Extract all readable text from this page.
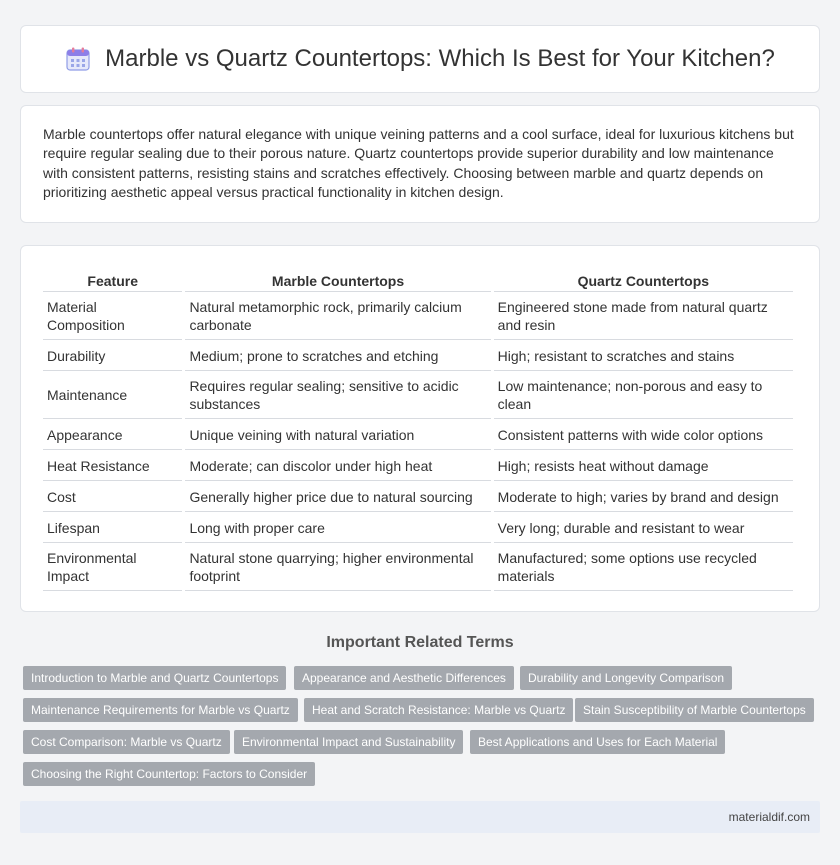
Marble vs Quartz Countertops: Which Is Best for Your Kitchen?

Marble countertops offer natural elegance with unique veining patterns and a cool surface, ideal for luxurious kitchens but require regular sealing due to their porous nature. Quartz countertops provide superior durability and low maintenance with consistent patterns, resisting stains and scratches effectively. Choosing between marble and quartz depends on prioritizing aesthetic appeal versus practical functionality in kitchen design.

Feature	Marble Countertops	Quartz Countertops
Material Composition	Natural metamorphic rock, primarily calcium carbonate	Engineered stone made from natural quartz and resin
Durability	Medium; prone to scratches and etching	High; resistant to scratches and stains
Maintenance	Requires regular sealing; sensitive to acidic substances	Low maintenance; non-porous and easy to clean
Appearance	Unique veining with natural variation	Consistent patterns with wide color options
Heat Resistance	Moderate; can discolor under high heat	High; resists heat without damage
Cost	Generally higher price due to natural sourcing	Moderate to high; varies by brand and design
Lifespan	Long with proper care	Very long; durable and resistant to wear
Environmental Impact	Natural stone quarrying; higher environmental footprint	Manufactured; some options use recycled materials
Important Related Terms
Introduction to Marble and Quartz Countertops	Appearance and Aesthetic Differences	Durability and Longevity Comparison
Maintenance Requirements for Marble vs Quartz	Heat and Scratch Resistance: Marble vs Quartz	Stain Susceptibility of Marble Countertops
Cost Comparison: Marble vs Quartz	Environmental Impact and Sustainability	Best Applications and Uses for Each Material
Choosing the Right Countertop: Factors to Consider
materialdif.com
